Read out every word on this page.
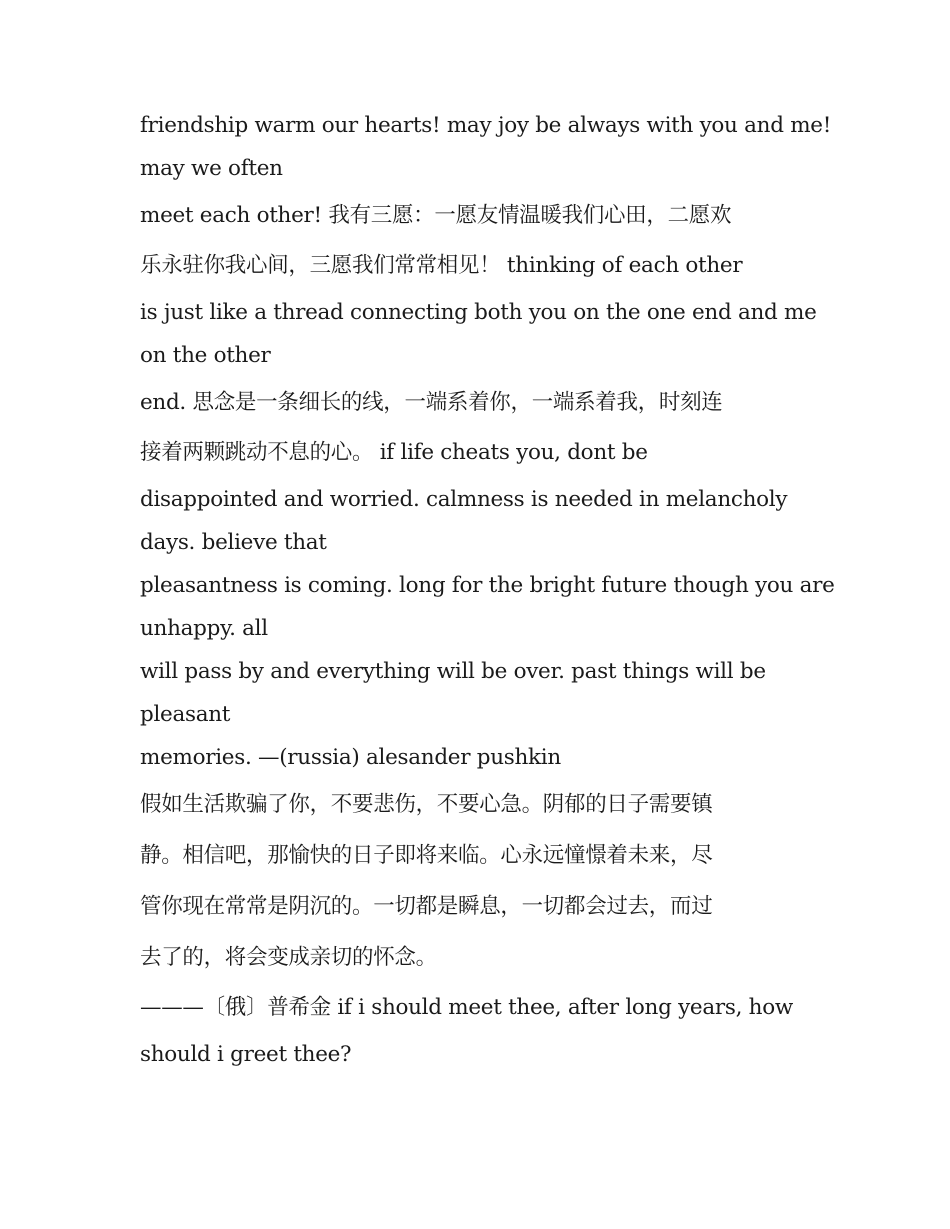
friendship warm our hearts! may joy be always with you and me!
may we often
meet each other! 我有三愿：一愿友情温暖我们心田，二愿欢
乐永驻你我心间，三愿我们常常相见！ thinking of each other
is just like a thread connecting both you on the one end and me
on the other
end. 思念是一条细长的线，一端系着你，一端系着我，时刻连
接着两颗跳动不息的心。 if life cheats you, dont be
disappointed and worried. calmness is needed in melancholy
days. believe that
pleasantness is coming. long for the bright future though you are
unhappy. all
will pass by and everything will be over. past things will be
pleasant
memories. —(russia) alesander pushkin
假如生活欺骗了你，不要悲伤，不要心急。阴郁的日子需要镇
静。相信吧，那愉快的日子即将来临。心永远憧憬着未来，尽
管你现在常常是阴沉的。一切都是瞬息，一切都会过去，而过
去了的，将会变成亲切的怀念。
———〔俄〕普希金 if i should meet thee, after long years, how
should i greet thee?
